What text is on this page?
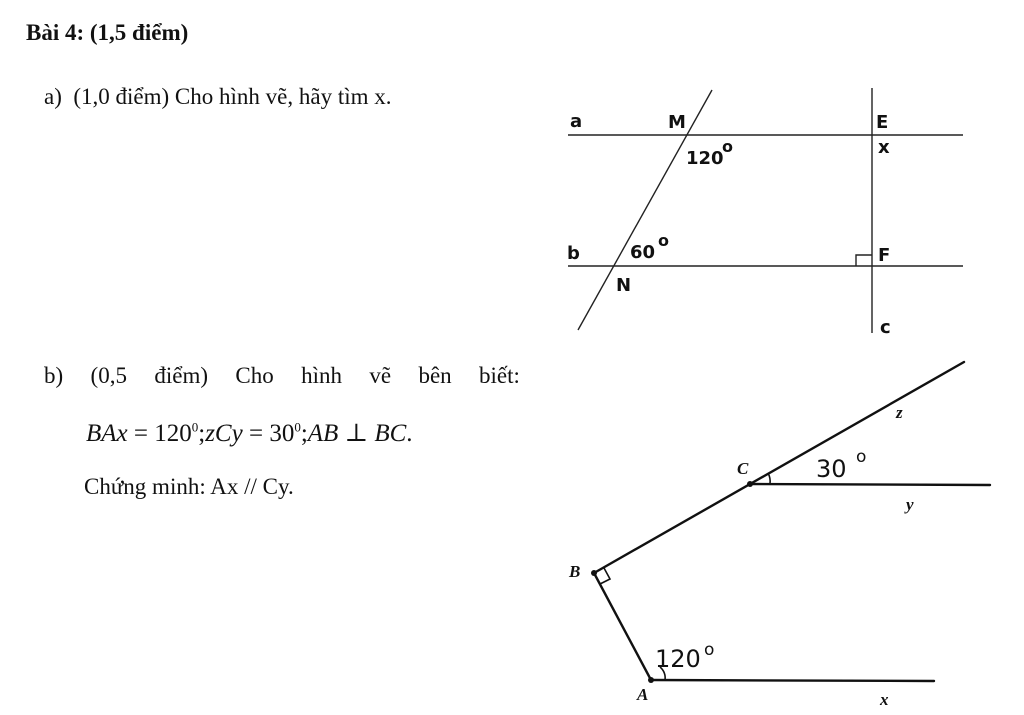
Bài 4: (1,5 điểm)
a) (1,0 điểm) Cho hình vẽ, hãy tìm x.
a
b
c
M
N
E
x
F
120
o
60
o
b) (0,5 điểm) Cho hình vẽ bên biết:
BAx = $120^0;zCy$ = $30^0;AB$ ⊥ BC.
Chứng minh: Ax // Cy.
C
B
A
z
y
x
30 o
120 o
